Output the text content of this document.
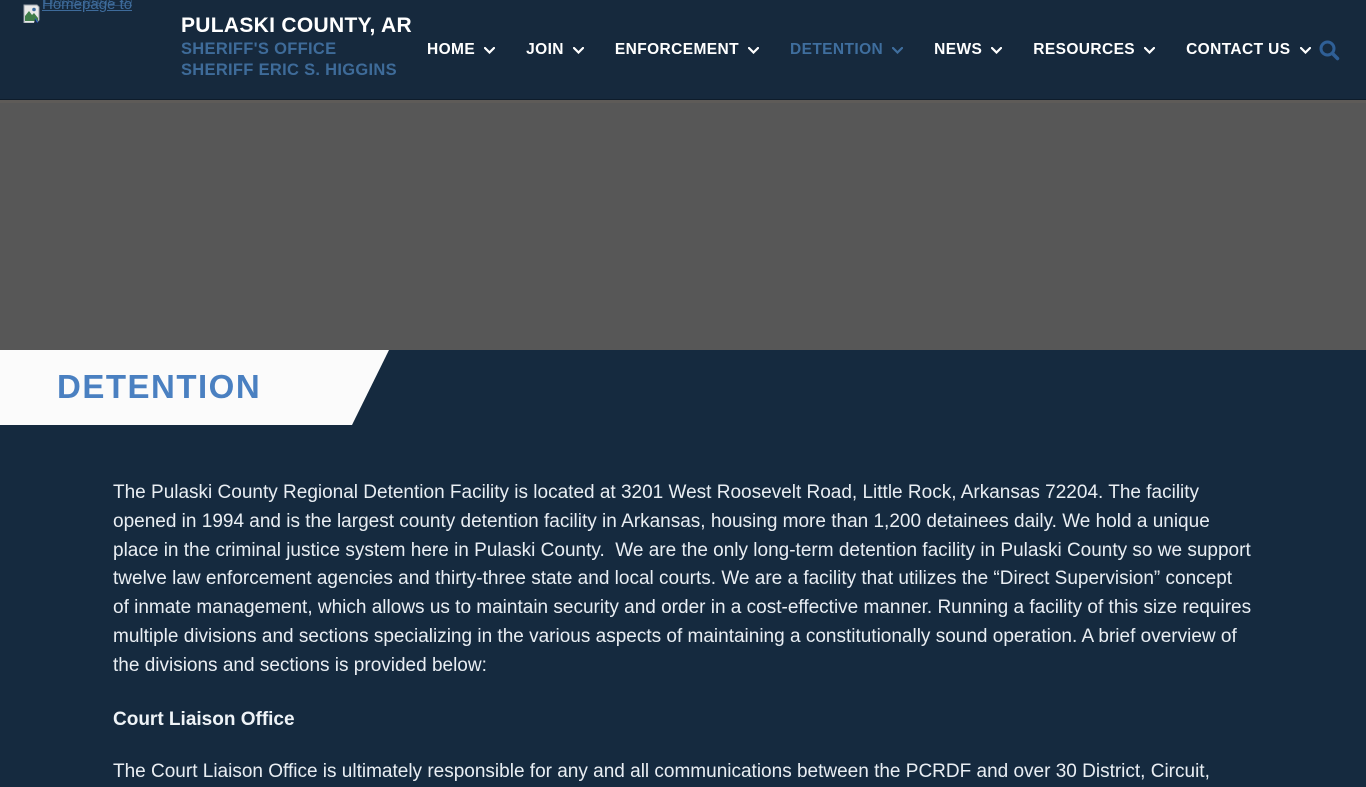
Homepage to
PULASKI COUNTY, AR
SHERIFF'S OFFICE
SHERIFF ERIC S. HIGGINS
HOME	JOIN	ENFORCEMENT	DETENTION	NEWS	RESOURCES	CONTACT US
DETENTION

The Pulaski County Regional Detention Facility is located at 3201 West Roosevelt Road, Little Rock, Arkansas 72204. The facility opened in 1994 and is the largest county detention facility in Arkansas, housing more than 1,200 detainees daily. We hold a unique place in the criminal justice system here in Pulaski County.  We are the only long-term detention facility in Pulaski County so we support twelve law enforcement agencies and thirty-three state and local courts. We are a facility that utilizes the “Direct Supervision” concept of inmate management, which allows us to maintain security and order in a cost-effective manner. Running a facility of this size requires multiple divisions and sections specializing in the various aspects of maintaining a constitutionally sound operation. A brief overview of the divisions and sections is provided below:

Court Liaison Office

The Court Liaison Office is ultimately responsible for any and all communications between the PCRDF and over 30 District, Circuit,
